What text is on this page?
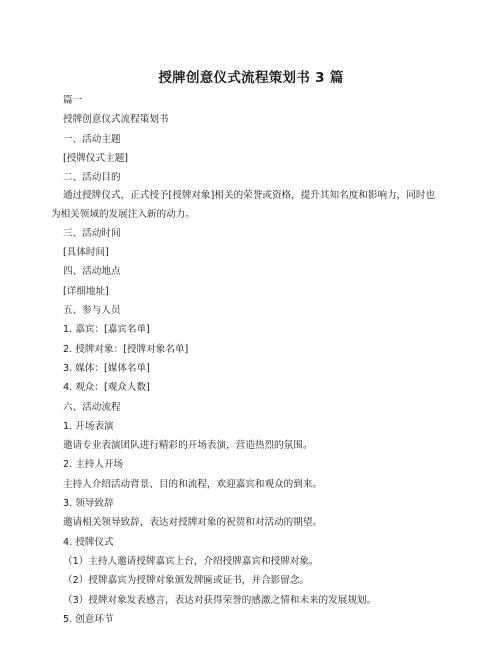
授牌创意仪式流程策划书 3 篇
篇一
授牌创意仪式流程策划书
一、活动主题
[授牌仪式主题]
二、活动目的
通过授牌仪式，正式授予[授牌对象]相关的荣誉或资格，提升其知名度和影响力，同时也为相关领域的发展注入新的动力。
三、活动时间
[具体时间]
四、活动地点
[详细地址]
五、参与人员
1. 嘉宾：[嘉宾名单]
2. 授牌对象：[授牌对象名单]
3. 媒体：[媒体名单]
4. 观众：[观众人数]
六、活动流程
1. 开场表演
邀请专业表演团队进行精彩的开场表演，营造热烈的氛围。
2. 主持人开场
主持人介绍活动背景、目的和流程，欢迎嘉宾和观众的到来。
3. 领导致辞
邀请相关领导致辞，表达对授牌对象的祝贺和对活动的期望。
4. 授牌仪式
（1）主持人邀请授牌嘉宾上台，介绍授牌嘉宾和授牌对象。
（2）授牌嘉宾为授牌对象颁发牌匾或证书，并合影留念。
（3）授牌对象发表感言，表达对获得荣誉的感激之情和未来的发展规划。
5. 创意环节
